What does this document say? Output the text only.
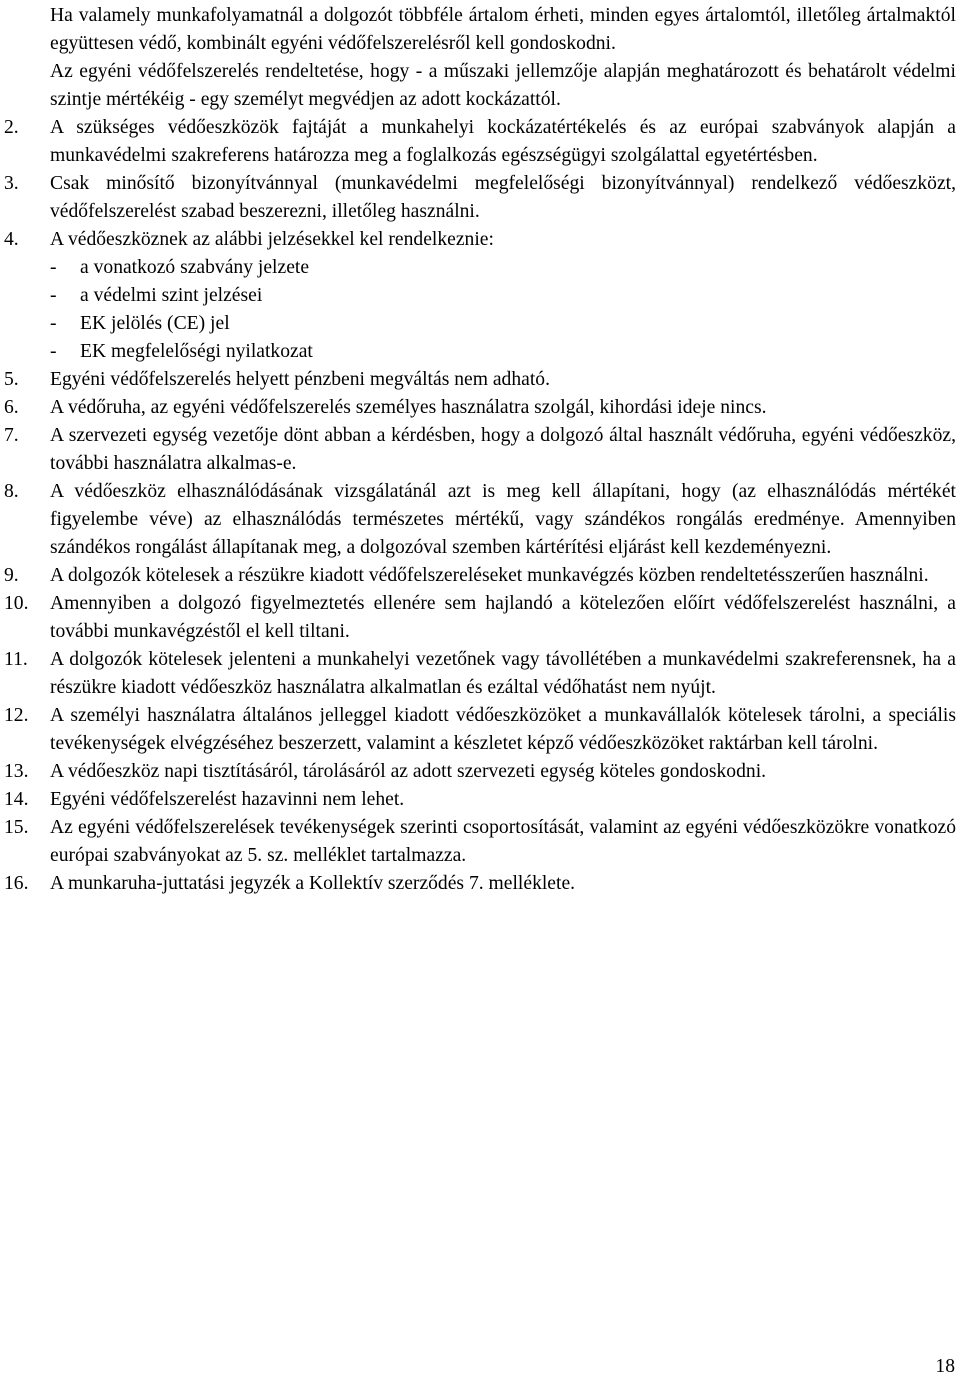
Ha valamely munkafolyamatnál a dolgozót többféle ártalom érheti, minden egyes ártalomtól, illetőleg ártalmaktól együttesen védő, kombinált egyéni védőfelszerelésről kell gondoskodni.

Az egyéni védőfelszerelés rendeltetése, hogy - a műszaki jellemzője alapján meghatározott és behatárolt védelmi szintje mértékéig - egy személyt megvédjen az adott kockázattól.

2.	A szükséges védőeszközök fajtáját a munkahelyi kockázatértékelés és az európai szabványok alapján a munkavédelmi szakreferens határozza meg a foglalkozás egészségügyi szolgálattal egyetértésben.
3.	Csak minősítő bizonyítvánnyal (munkavédelmi megfelelőségi bizonyítvánnyal) rendelkező védőeszközt, védőfelszerelést szabad beszerezni, illetőleg használni.
4.	A védőeszköznek az alábbi jelzésekkel kel rendelkeznie:
-	a vonatkozó szabvány jelzete
-	a védelmi szint jelzései
-	EK jelölés (CE) jel
-	EK megfelelőségi nyilatkozat
5.	Egyéni védőfelszerelés helyett pénzbeni megváltás nem adható.
6.	A védőruha, az egyéni védőfelszerelés személyes használatra szolgál, kihordási ideje nincs.
7.	A szervezeti egység vezetője dönt abban a kérdésben, hogy a dolgozó által használt védőruha, egyéni védőeszköz, további használatra alkalmas-e.
8.	A védőeszköz elhasználódásának vizsgálatánál azt is meg kell állapítani, hogy (az elhasználódás mértékét figyelembe véve) az elhasználódás természetes mértékű, vagy szándékos rongálás eredménye. Amennyiben szándékos rongálást állapítanak meg, a dolgozóval szemben kártérítési eljárást kell kezdeményezni.
9.	A dolgozók kötelesek a részükre kiadott védőfelszereléseket munkavégzés közben rendeltetésszerűen használni.
10.	Amennyiben a dolgozó figyelmeztetés ellenére sem hajlandó a kötelezően előírt védőfelszerelést használni, a további munkavégzéstől el kell tiltani.
11.	A dolgozók kötelesek jelenteni a munkahelyi vezetőnek vagy távollétében a munkavédelmi szakreferensnek, ha a részükre kiadott védőeszköz használatra alkalmatlan és ezáltal védőhatást nem nyújt.
12.	A személyi használatra általános jelleggel kiadott védőeszközöket a munkavállalók kötelesek tárolni, a speciális tevékenységek elvégzéséhez beszerzett, valamint a készletet képző védőeszközöket raktárban kell tárolni.
13.	A védőeszköz napi tisztításáról, tárolásáról az adott szervezeti egység köteles gondoskodni.
14.	Egyéni védőfelszerelést hazavinni nem lehet.
15.	Az egyéni védőfelszerelések tevékenységek szerinti csoportosítását, valamint az egyéni védőeszközökre vonatkozó európai szabványokat az 5. sz. melléklet tartalmazza.
16.	A munkaruha-juttatási jegyzék a Kollektív szerződés 7. melléklete.
18
